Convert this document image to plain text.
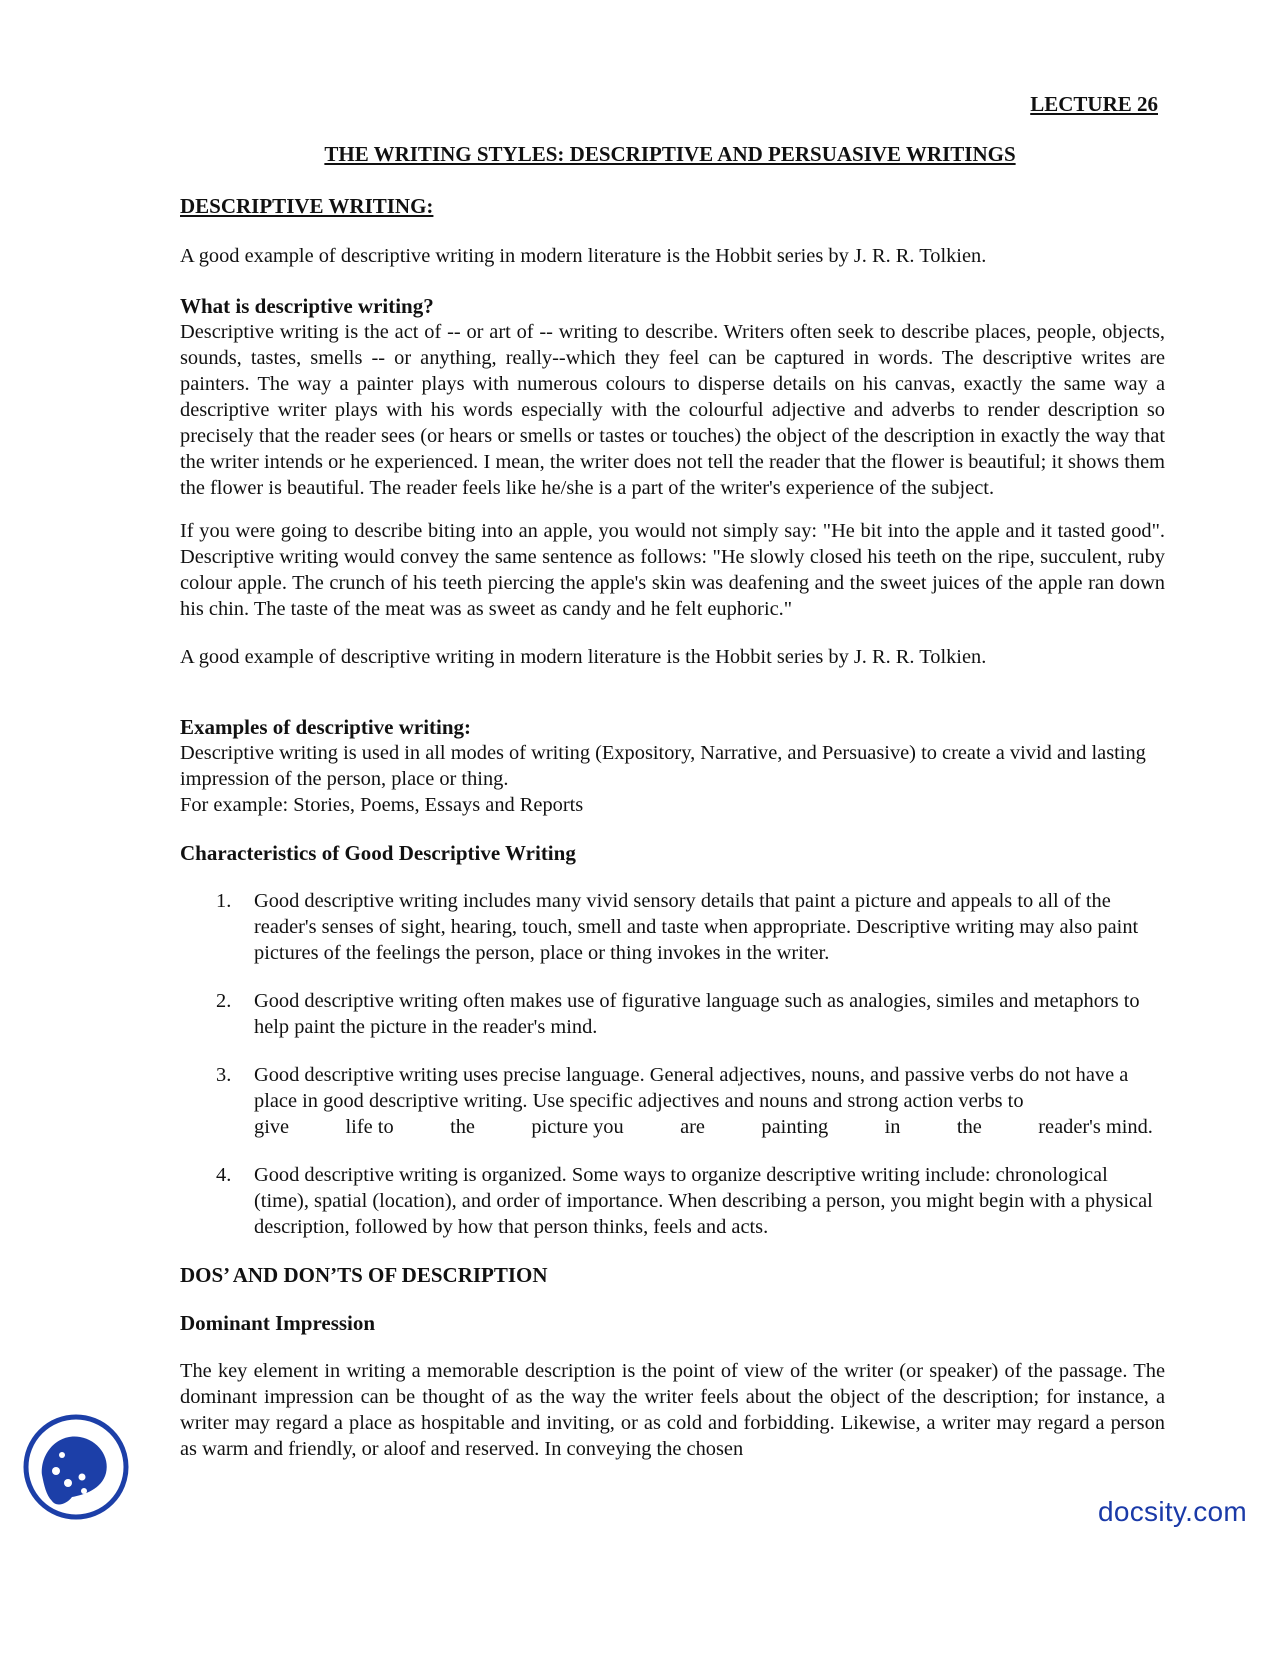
LECTURE 26
THE WRITING STYLES: DESCRIPTIVE AND PERSUASIVE WRITINGS
DESCRIPTIVE WRITING:

A good example of descriptive writing in modern literature is the Hobbit series by J. R. R. Tolkien.

What is descriptive writing?

Descriptive writing is the act of -- or art of -- writing to describe. Writers often seek to describe places, people, objects, sounds, tastes, smells -- or anything, really--which they feel can be captured in words. The descriptive writes are painters. The way a painter plays with numerous colours to disperse details on his canvas, exactly the same way a descriptive writer plays with his words especially with the colourful adjective and adverbs to render description so precisely that the reader sees (or hears or smells or tastes or touches) the object of the description in exactly the way that the writer intends or he experienced. I mean, the writer does not tell the reader that the flower is beautiful; it shows them the flower is beautiful. The reader feels like he/she is a part of the writer's experience of the subject.

If you were going to describe biting into an apple, you would not simply say: "He bit into the apple and it tasted good". Descriptive writing would convey the same sentence as follows: "He slowly closed his teeth on the ripe, succulent, ruby colour apple. The crunch of his teeth piercing the apple's skin was deafening and the sweet juices of the apple ran down his chin. The taste of the meat was as sweet as candy and he felt euphoric."

A good example of descriptive writing in modern literature is the Hobbit series by J. R. R. Tolkien.

Examples of descriptive writing:

Descriptive writing is used in all modes of writing (Expository, Narrative, and Persuasive) to create a vivid and lasting impression of the person, place or thing.

For example: Stories, Poems, Essays and Reports

Characteristics of Good Descriptive Writing
1. Good descriptive writing includes many vivid sensory details that paint a picture and appeals to all of the reader's senses of sight, hearing, touch, smell and taste when appropriate. Descriptive writing may also paint pictures of the feelings the person, place or thing invokes in the writer.
2. Good descriptive writing often makes use of figurative language such as analogies, similes and metaphors to help paint the picture in the reader's mind.
3. Good descriptive writing uses precise language. General adjectives, nouns, and passive verbs do not have a place in good descriptive writing. Use specific adjectives and nouns and strong action verbs to
give	life to	the	picture you	are	painting	in	the	reader's mind.
4. Good descriptive writing is organized. Some ways to organize descriptive writing include: chronological (time), spatial (location), and order of importance. When describing a person, you might begin with a physical description, followed by how that person thinks, feels and acts.
DOS’ AND DON’TS OF DESCRIPTION
Dominant Impression

The key element in writing a memorable description is the point of view of the writer (or speaker) of the passage. The dominant impression can be thought of as the way the writer feels about the object of the description; for instance, a writer may regard a place as hospitable and inviting, or as cold and forbidding. Likewise, a writer may regard a person as warm and friendly, or aloof and reserved. In conveying the chosen

docsity.com
